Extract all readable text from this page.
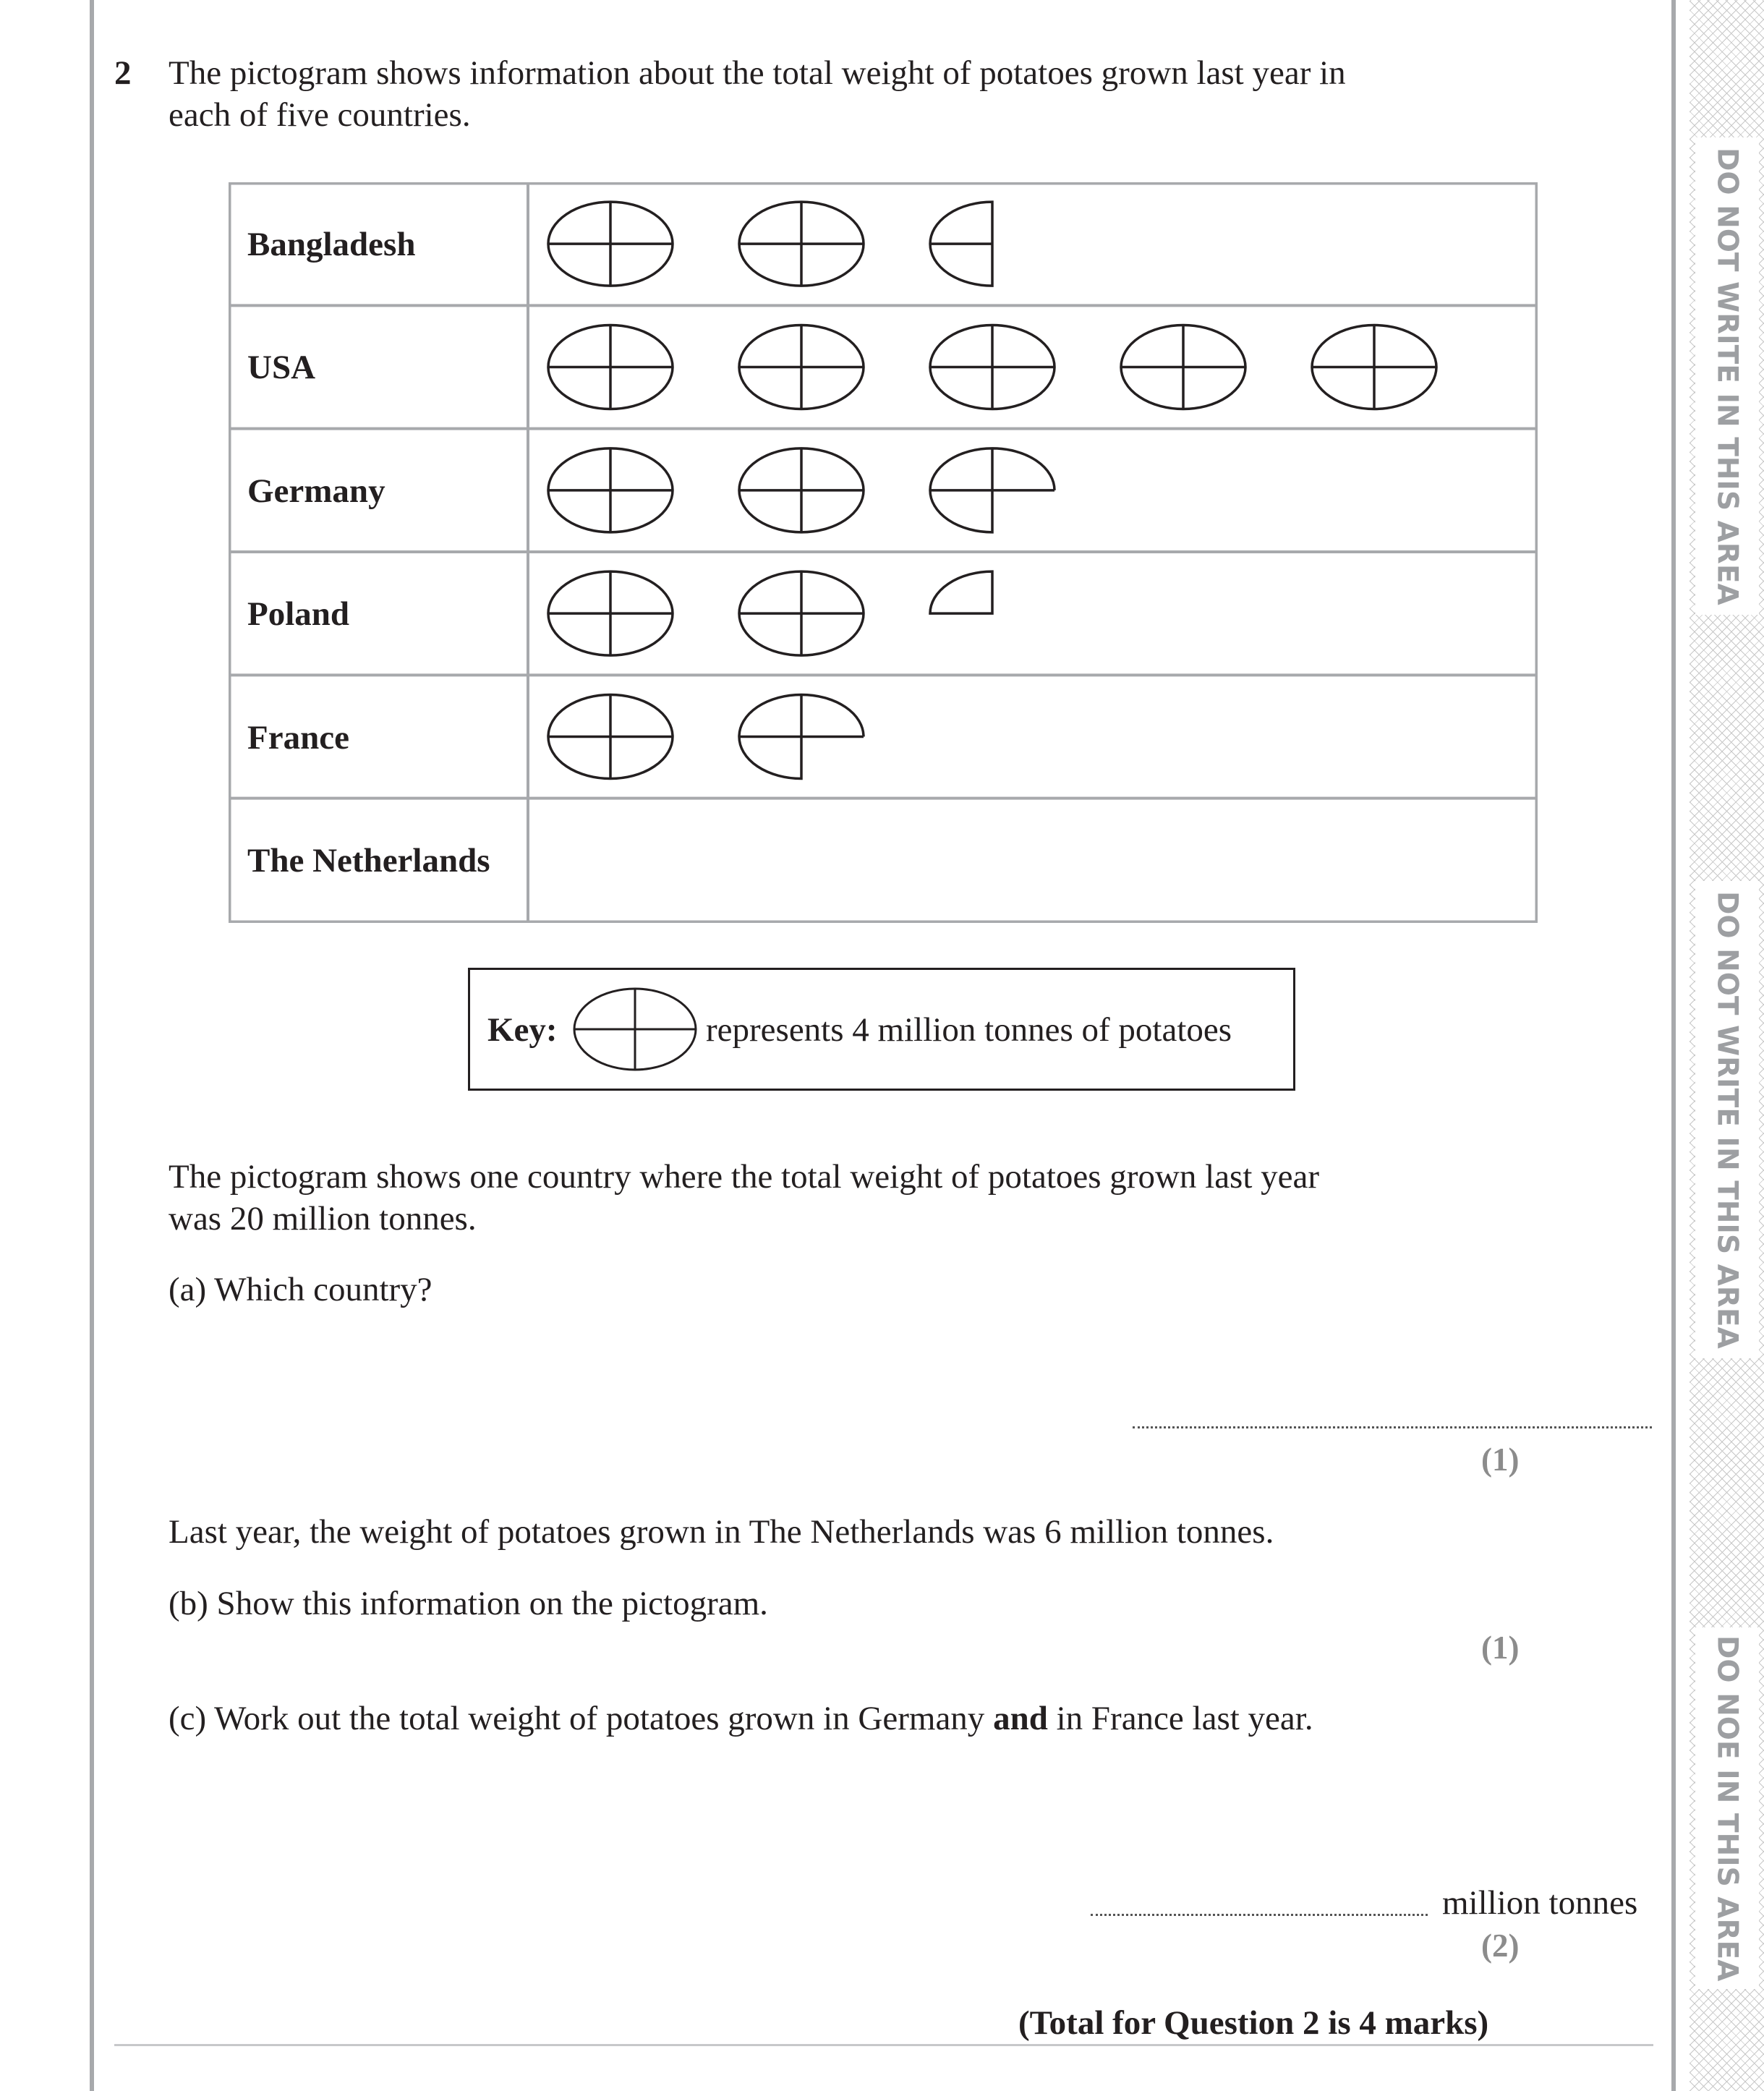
DO NOT WRITE IN THIS AREA
DO NOT WRITE IN THIS AREA
DO NOE IN THIS AREA
2 The pictogram shows information about the total weight of potatoes grown last year in
each of five countries.
Bangladesh
USA
Germany
Poland
France
The Netherlands
Key:	represents 4 million tonnes of potatoes
The pictogram shows one country where the total weight of potatoes grown last year
was 20 million tonnes.
(a) Which country?
(1)
Last year, the weight of potatoes grown in The Netherlands was 6 million tonnes.
(b) Show this information on the pictogram.
(1)
(c) Work out the total weight of potatoes grown in Germany and in France last year.
million tonnes
(2)
(Total for Question 2 is 4 marks)
